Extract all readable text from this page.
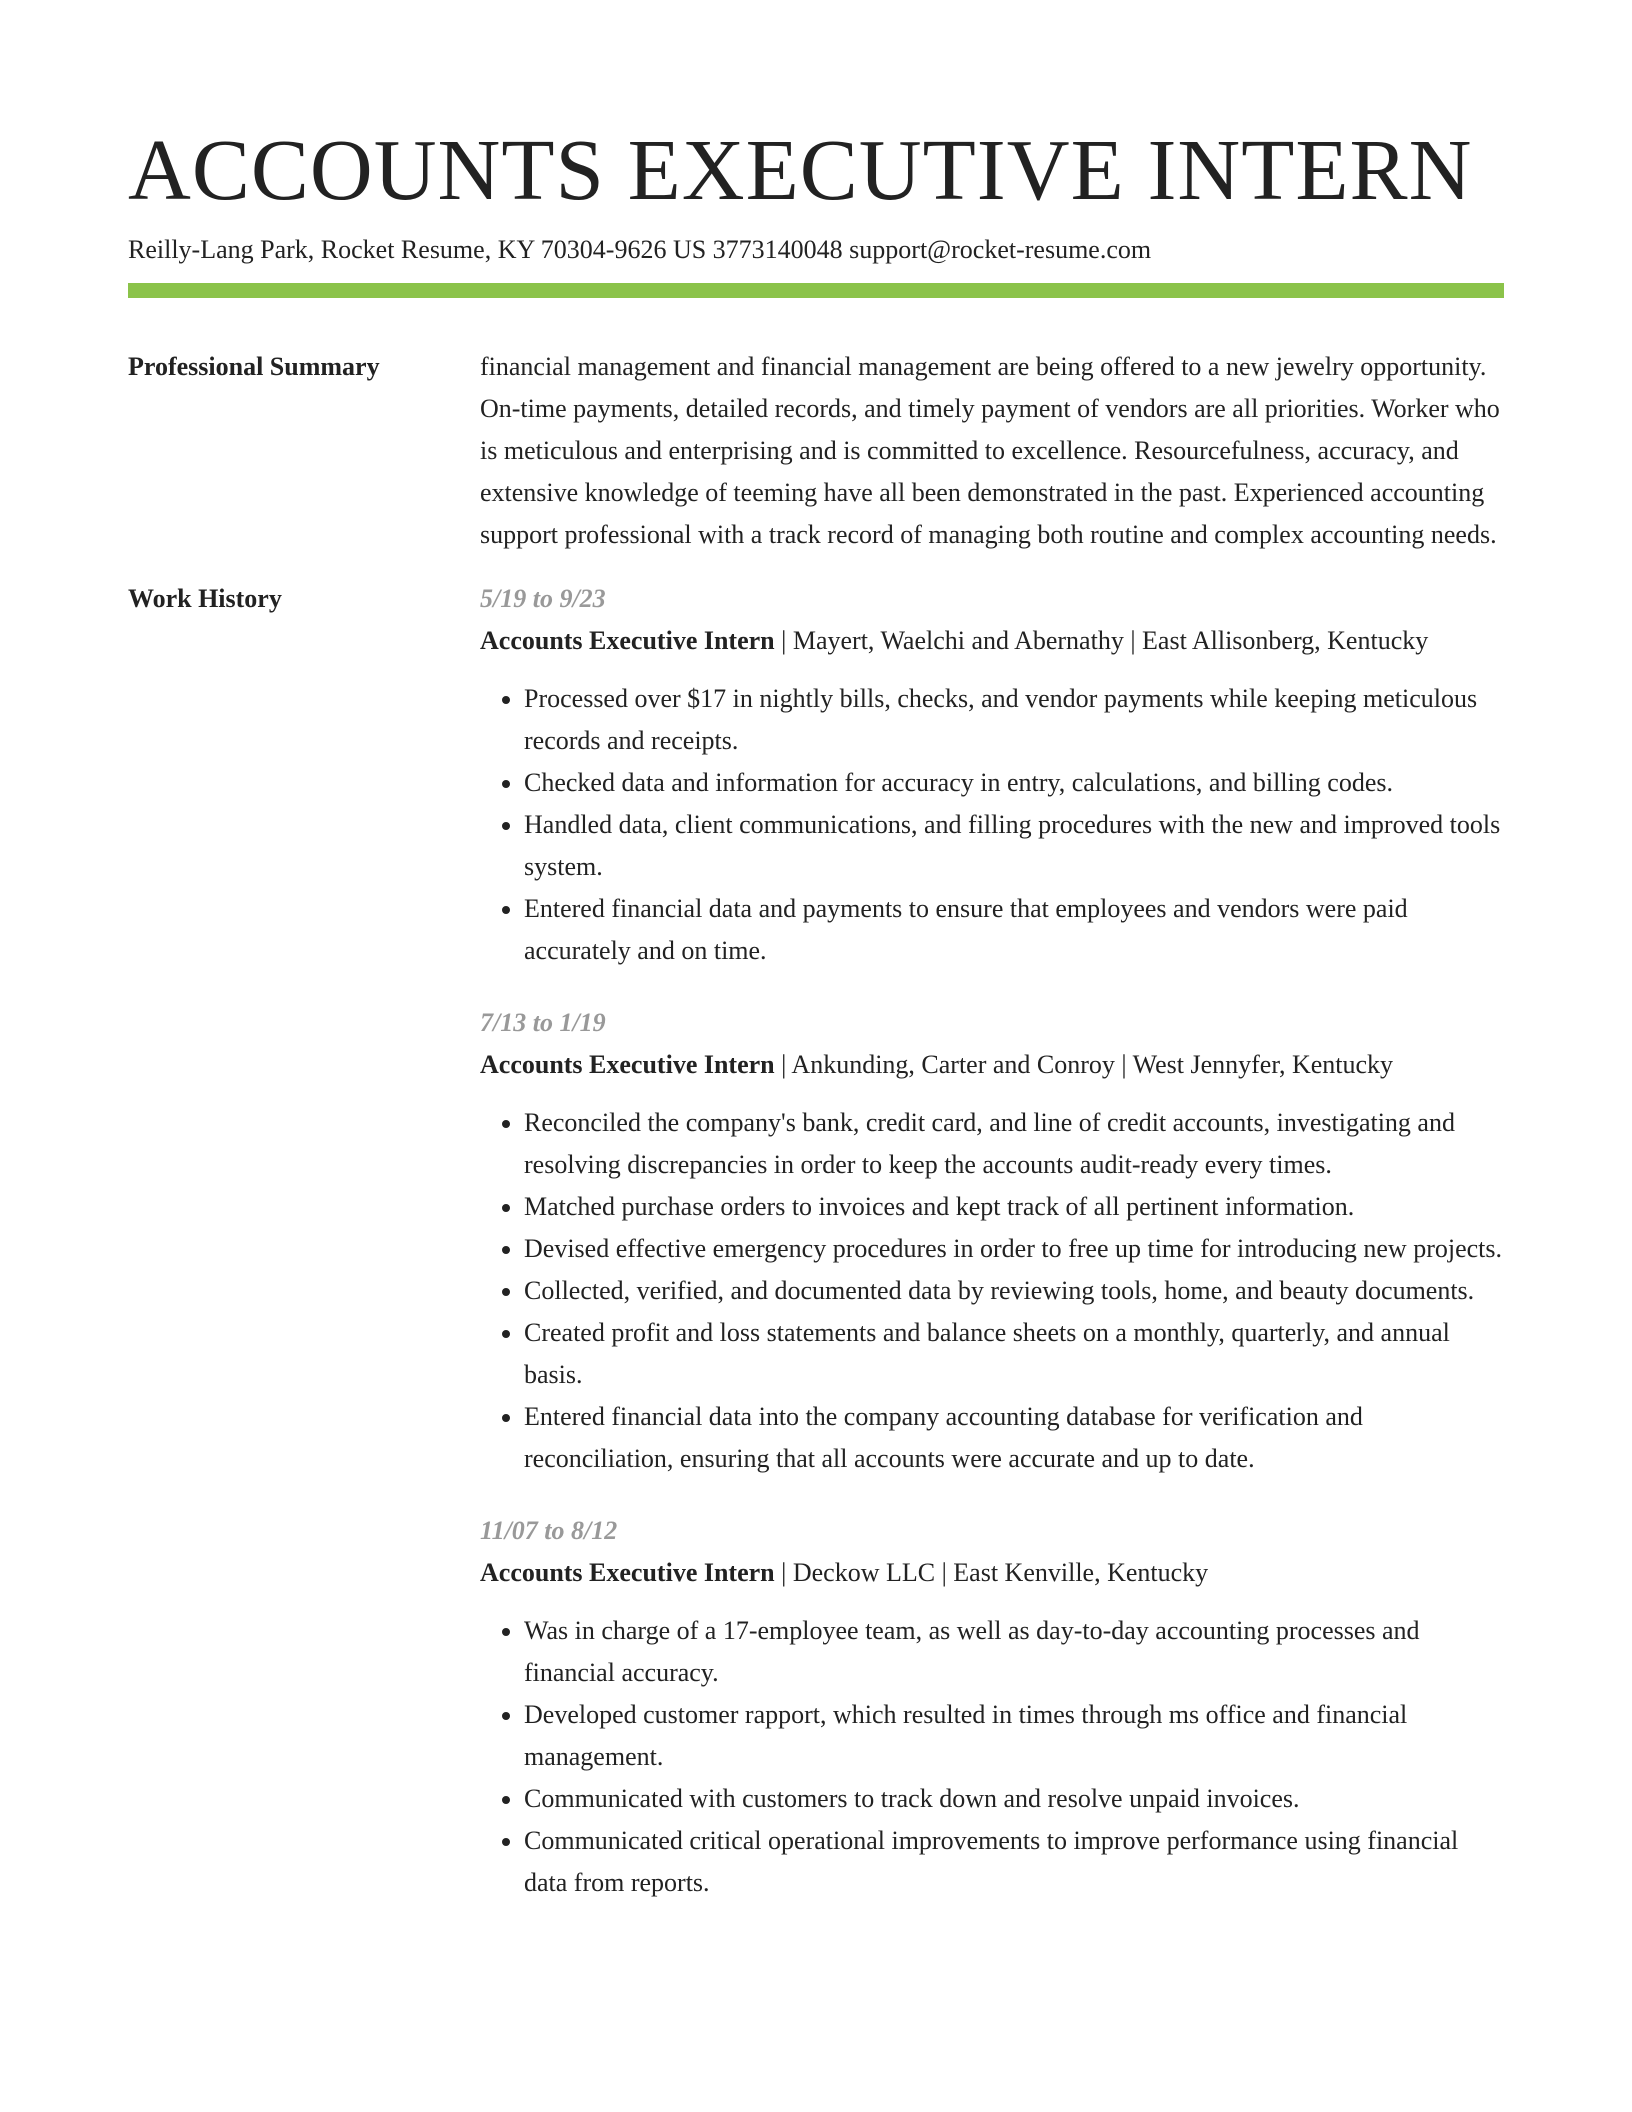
ACCOUNTS EXECUTIVE INTERN
Reilly-Lang Park, Rocket Resume, KY 70304-9626 US 3773140048 support@rocket-resume.com
Professional Summary	financial management and financial management are being offered to a new jewelry opportunity. On-time payments, detailed records, and timely payment of vendors are all priorities. Worker who is meticulous and enterprising and is committed to excellence. Resourcefulness, accuracy, and extensive knowledge of teeming have all been demonstrated in the past. Experienced accounting support professional with a track record of managing both routine and complex accounting needs.
Work History	5/19 to 9/23
Accounts Executive Intern | Mayert, Waelchi and Abernathy | East Allisonberg, Kentucky
• Processed over $17 in nightly bills, checks, and vendor payments while keeping meticulous records and receipts.
• Checked data and information for accuracy in entry, calculations, and billing codes.
• Handled data, client communications, and filling procedures with the new and improved tools system.
• Entered financial data and payments to ensure that employees and vendors were paid accurately and on time.
7/13 to 1/19
Accounts Executive Intern | Ankunding, Carter and Conroy | West Jennyfer, Kentucky
• Reconciled the company's bank, credit card, and line of credit accounts, investigating and resolving discrepancies in order to keep the accounts audit-ready every times.
• Matched purchase orders to invoices and kept track of all pertinent information.
• Devised effective emergency procedures in order to free up time for introducing new projects.
• Collected, verified, and documented data by reviewing tools, home, and beauty documents.
• Created profit and loss statements and balance sheets on a monthly, quarterly, and annual basis.
• Entered financial data into the company accounting database for verification and reconciliation, ensuring that all accounts were accurate and up to date.
11/07 to 8/12
Accounts Executive Intern | Deckow LLC | East Kenville, Kentucky
• Was in charge of a 17-employee team, as well as day-to-day accounting processes and financial accuracy.
• Developed customer rapport, which resulted in times through ms office and financial management.
• Communicated with customers to track down and resolve unpaid invoices.
• Communicated critical operational improvements to improve performance using financial data from reports.
